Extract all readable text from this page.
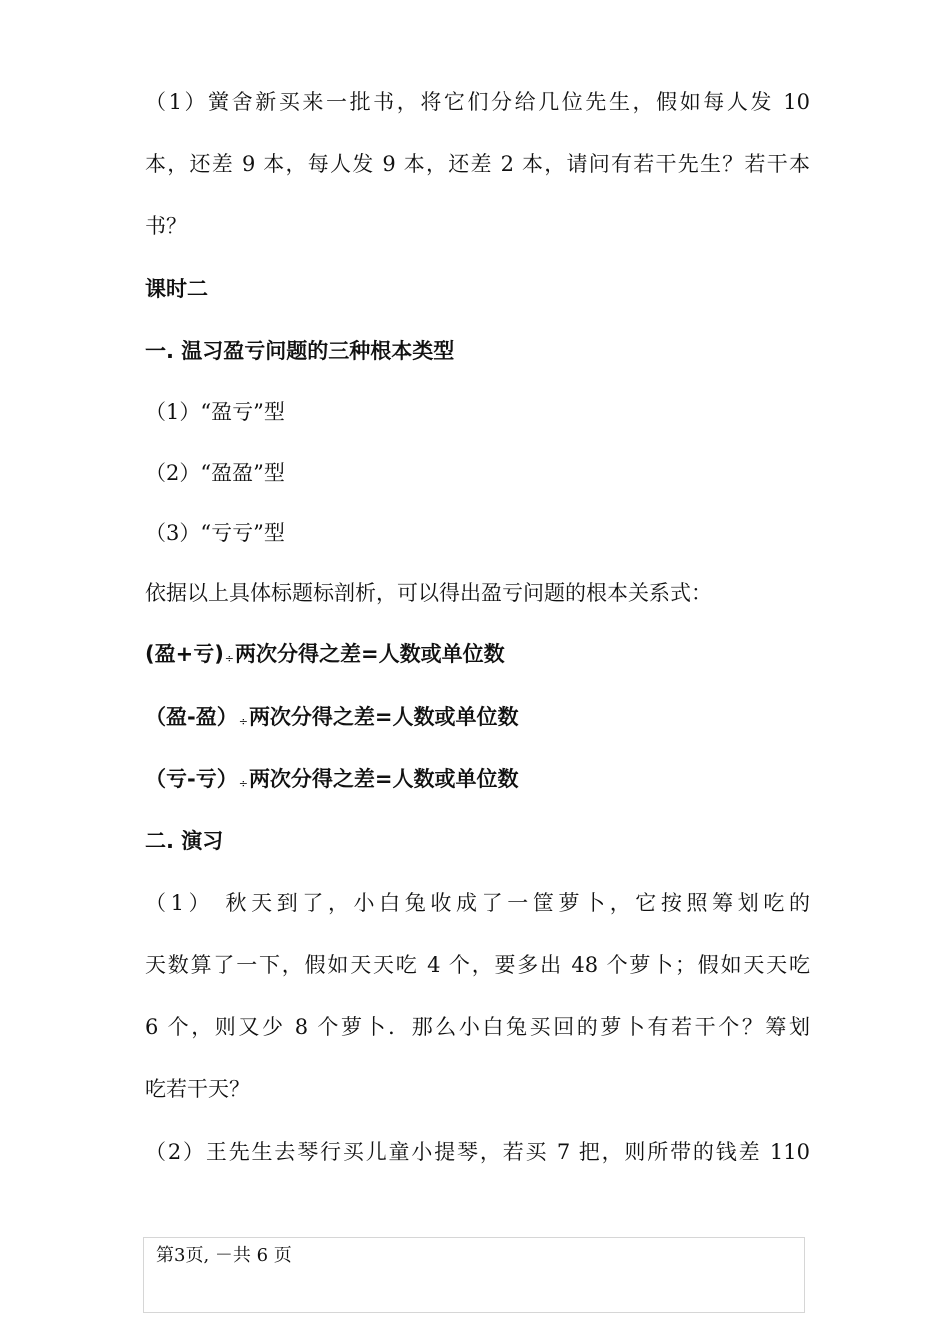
（1）黉舍新买来一批书，将它们分给几位先生，假如每人发 10
本，还差 9 本，每人发 9 本，还差 2 本，请问有若干先生？若干本
书？
课时二
一. 温习盈亏问题的三种根本类型
（1）“盈亏”型
（2）“盈盈”型
（3）“亏亏”型
依据以上具体标题标剖析，可以得出盈亏问题的根本关系式：
(盈+亏)÷两次分得之差=人数或单位数
（盈-盈）÷两次分得之差=人数或单位数
（亏-亏）÷两次分得之差=人数或单位数
二. 演习
（1） 秋天到了，小白兔收成了一筐萝卜，它按照筹划吃的
天数算了一下，假如天天吃 4 个，要多出 48 个萝卜；假如天天吃
6 个，则又少 8 个萝卜．那么小白兔买回的萝卜有若干个？筹划
吃若干天？
（2）王先生去琴行买儿童小提琴，若买 7 把，则所带的钱差 110
第3页, －共 6 页
